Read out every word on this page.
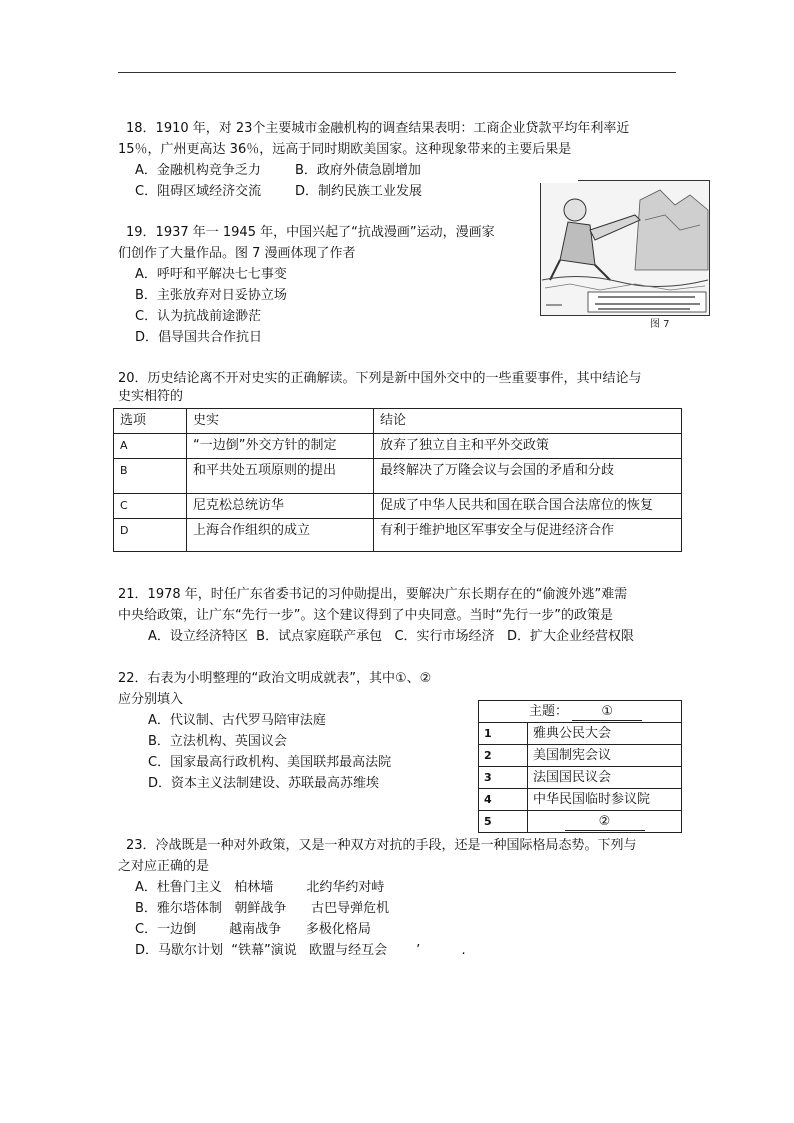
18．1910 年，对 23个主要城市金融机构的调查结果表明：工商企业贷款平均年利率近
15％，广州更高达 36％，远高于同时期欧美国家。这种现象带来的主要后果是
A．金融机构竞争乏力	B．政府外债急剧增加
C．阻碍区域经济交流	D．制约民族工业发展
19．1937 年一 1945 年，中国兴起了“抗战漫画”运动，漫画家
们创作了大量作品。图 7 漫画体现了作者
A．呼吁和平解决七七事变
B．主张放弃对日妥协立场
C．认为抗战前途渺茫
D．倡导国共合作抗日
图 7
20．历史结论离不开对史实的正确解读。下列是新中国外交中的一些重要事件，其中结论与
史实相符的
选项	史实	结论
A	“一边倒”外交方针的制定	放弃了独立自主和平外交政策
B	和平共处五项原则的提出	最终解决了万隆会议与会国的矛盾和分歧
C	尼克松总统访华	促成了中华人民共和国在联合国合法席位的恢复
D	上海合作组织的成立	有利于维护地区军事安全与促进经济合作
21．1978 年，时任广东省委书记的习仲勋提出，要解决广东长期存在的“偷渡外逃”难需
中央给政策，让广东“先行一步”。这个建议得到了中央同意。当时“先行一步”的政策是
A．设立经济特区  B．试点家庭联产承包   C．实行市场经济   D．扩大企业经营权限
22．右表为小明整理的“政治文明成就表”，其中①、②
应分别填入
A．代议制、古代罗马陪审法庭
B．立法机构、英国议会
C．国家最高行政机构、美国联邦最高法院
D．资本主义法制建设、苏联最高苏维埃
主题： ①	
1	雅典公民大会
2	美国制宪会议
3	法国国民议会
4	中华民国临时参议院
5	②
23．冷战既是一种对外政策，又是一种双方对抗的手段，还是一种国际格局态势。下列与
之对应正确的是
A．杜鲁门主义   柏林墙        北约华约对峙
B．雅尔塔体制   朝鲜战争      古巴导弹危机
C．一边倒        越南战争      多极化格局
D．马歇尔计划  “铁幕”演说   欧盟与经互会       ’          .
